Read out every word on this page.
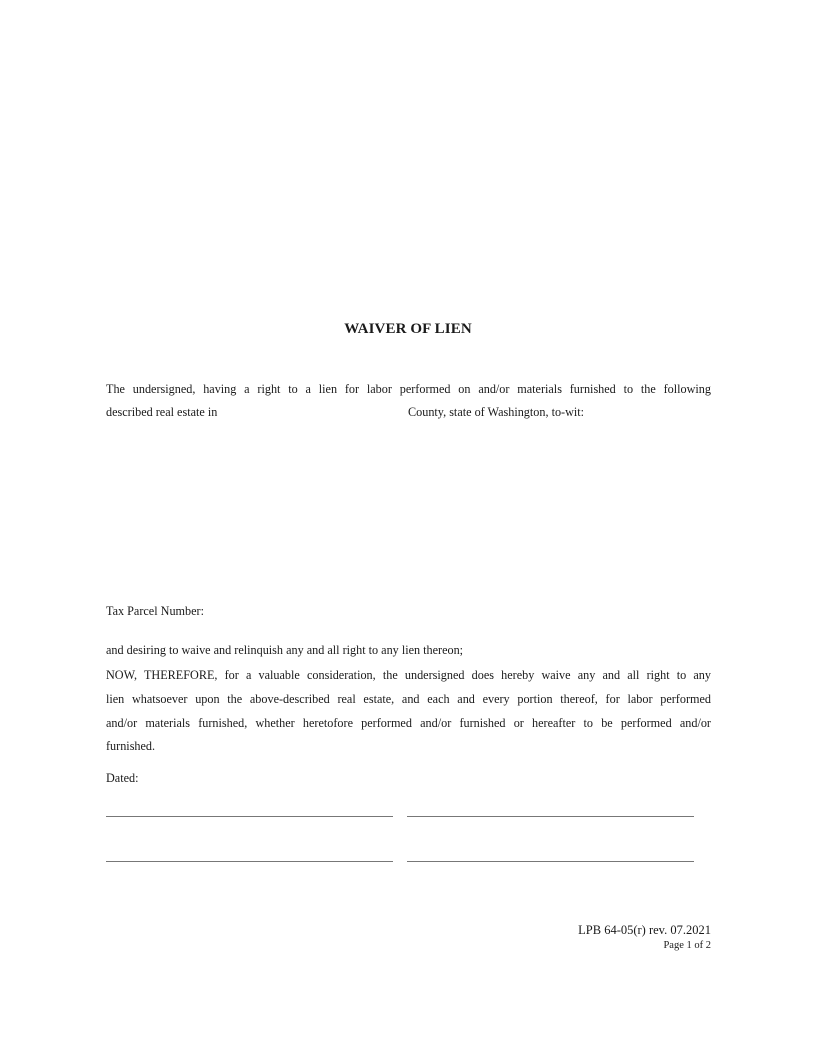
WAIVER OF LIEN
The undersigned, having a right to a lien for labor performed on and/or materials furnished to the following
described real estate in	County, state of Washington, to-wit:
Tax Parcel Number:
and desiring to waive and relinquish any and all right to any lien thereon;
NOW, THEREFORE, for a valuable consideration, the undersigned does hereby waive any and all right to any
lien whatsoever upon the above-described real estate, and each and every portion thereof, for labor performed
and/or materials furnished, whether heretofore performed and/or furnished or hereafter to be performed and/or
furnished.
Dated:
LPB 64-05(r) rev. 07.2021
Page 1 of 2
